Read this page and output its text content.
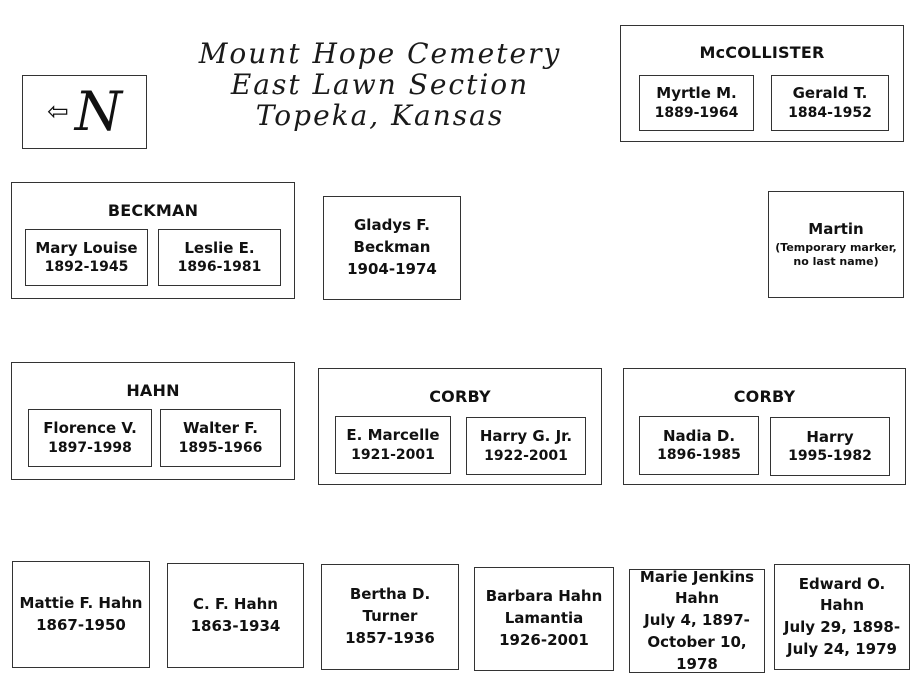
Mount Hope Cemetery
East Lawn Section
Topeka, Kansas
⇦ N
McCOLLISTER
Myrtle M.
1889-1964
Gerald T.
1884-1952
BECKMAN
Mary Louise
1892-1945
Leslie E.
1896-1981
Gladys F.
Beckman
1904-1974
Martin
(Temporary marker,
no last name)
HAHN
Florence V.
1897-1998
Walter F.
1895-1966
CORBY
E. Marcelle
1921-2001
Harry G. Jr.
1922-2001
CORBY
Nadia D.
1896-1985
Harry
1995-1982
Mattie F. Hahn
1867-1950
C. F. Hahn
1863-1934
Bertha D.
Turner
1857-1936
Barbara Hahn
Lamantia
1926-2001
Marie Jenkins
Hahn
July 4, 1897-
October 10, 1978
Edward O.
Hahn
July 29, 1898-
July 24, 1979
